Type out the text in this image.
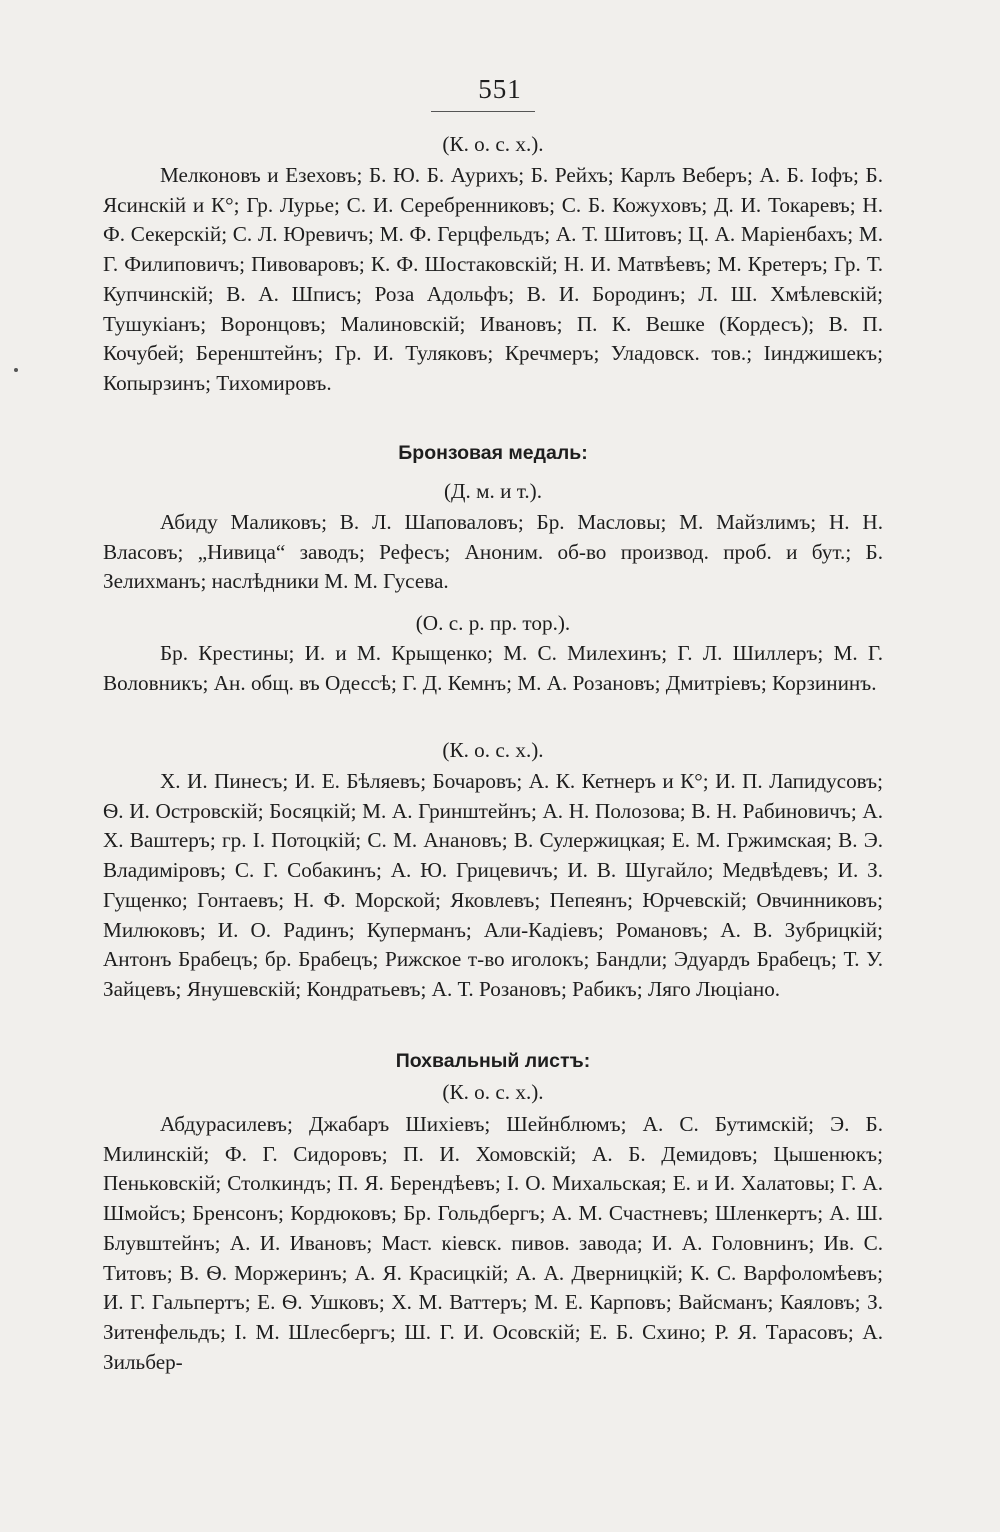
551

(К. о. с. х.).

Мелконовъ и Езеховъ; Б. Ю. Б. Аурихъ; Б. Рейхъ; Карлъ Веберъ; А. Б. Іофъ; Б. Ясинскій и К°; Гр. Лурье; С. И. Серебренниковъ; С. Б. Кожуховъ; Д. И. Токаревъ; Н. Ф. Секерскій; С. Л. Юревичъ; М. Ф. Герцфельдъ; А. Т. Шитовъ; Ц. А. Маріенбахъ; М. Г. Филиповичъ; Пивоваровъ; К. Ф. Шостаковскій; Н. И. Матвѣевъ; М. Кретеръ; Гр. Т. Купчинскій; В. А. Шписъ; Роза Адольфъ; В. И. Бородинъ; Л. Ш. Хмѣлевскій; Тушукіанъ; Воронцовъ; Малиновскій; Ивановъ; П. К. Вешке (Кордесъ); В. П. Кочубей; Беренштейнъ; Гр. И. Туляковъ; Кречмеръ; Уладовск. тов.; Іинджишекъ; Копырзинъ; Тихомировъ.

Бронзовая медаль:

(Д. м. и т.).

Абиду Маликовъ; В. Л. Шаповаловъ; Бр. Масловы; М. Майзлимъ; Н. Н. Власовъ; „Нивица“ заводъ; Рефесъ; Аноним. об-во производ. проб. и бут.; Б. Зелихманъ; наслѣдники М. М. Гусева.

(О. с. р. пр. тор.).

Бр. Крестины; И. и М. Крыщенко; М. С. Милехинъ; Г. Л. Шиллеръ; М. Г. Воловникъ; Ан. общ. въ Одессѣ; Г. Д. Кемнъ; М. А. Розановъ; Дмитріевъ; Корзининъ.

(К. о. с. х.).

Х. И. Пинесъ; И. Е. Бѣляевъ; Бочаровъ; А. К. Кетнеръ и К°; И. П. Лапидусовъ; Ѳ. И. Островскій; Босяцкій; М. А. Гринштейнъ; А. Н. Полозова; В. Н. Рабиновичъ; А. Х. Ваштеръ; гр. І. Потоцкій; С. М. Анановъ; В. Сулержицкая; Е. М. Гржимская; В. Э. Владиміровъ; С. Г. Собакинъ; А. Ю. Грицевичъ; И. В. Шугайло; Медвѣдевъ; И. З. Гущенко; Гонтаевъ; Н. Ф. Морской; Яковлевъ; Пепеянъ; Юрчевскій; Овчинниковъ; Милюковъ; И. О. Радинъ; Куперманъ; Али-Кадіевъ; Романовъ; А. В. Зубрицкій; Антонъ Брабецъ; бр. Брабецъ; Рижское т-во иголокъ; Бандли; Эдуардъ Брабецъ; Т. У. Зайцевъ; Янушевскій; Кондратьевъ; А. Т. Розановъ; Рабикъ; Ляго Люціано.

Похвальный листъ:

(К. о. с. х.).

Абдурасилевъ; Джабаръ Шихіевъ; Шейнблюмъ; А. С. Бутимскій; Э. Б. Милинскій; Ф. Г. Сидоровъ; П. И. Хомовскій; А. Б. Демидовъ; Цышенюкъ; Пеньковскій; Столкиндъ; П. Я. Берендѣевъ; І. О. Михальская; Е. и И. Халатовы; Г. А. Шмойсъ; Бренсонъ; Кордюковъ; Бр. Гольдбергъ; А. М. Счастневъ; Шленкертъ; А. Ш. Блувштейнъ; А. И. Ивановъ; Маст. кіевск. пивов. завода; И. А. Головнинъ; Ив. С. Титовъ; В. Ѳ. Моржеринъ; А. Я. Красицкій; А. А. Дверницкій; К. С. Варфоломѣевъ; И. Г. Гальпертъ; Е. Ѳ. Ушковъ; Х. М. Ваттеръ; М. Е. Карповъ; Вайсманъ; Каяловъ; З. Зитенфельдъ; І. М. Шлесбергъ; Ш. Г. И. Осовскій; Е. Б. Схино; Р. Я. Тарасовъ; А. Зильбер-
